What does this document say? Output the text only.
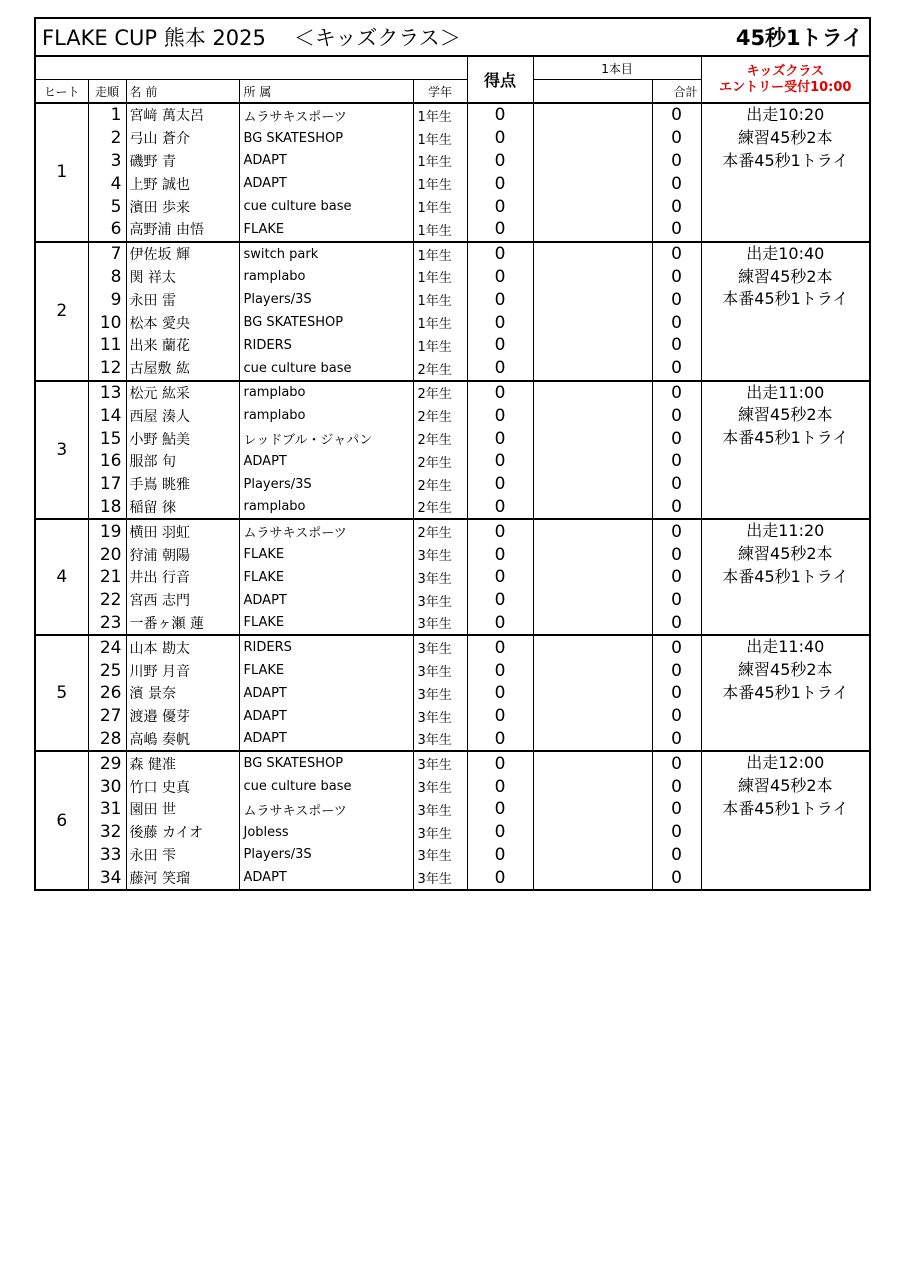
FLAKE CUP 熊本 2025 ＜キッズクラス＞								45秒1トライ
					得点	1本目		キッズクラス
エントリー受付10:00

ヒート	走順	名 前	所 属	学年			合計	
1	1	宮﨑 萬太呂	ムラサキスポーツ	1年生	0		0	出走10:20
	2	弓山 蒼介	BG SKATESHOP	1年生	0		0	練習45秒2本
	3	磯野 青	ADAPT	1年生	0		0	本番45秒1トライ
	4	上野 誠也	ADAPT	1年生	0		0	
	5	濱田 歩来	cue culture base	1年生	0		0	
	6	高野浦 由悟	FLAKE	1年生	0		0	
2	7	伊佐坂 輝	switch park	1年生	0		0	出走10:40
	8	関 祥太	ramplabo	1年生	0		0	練習45秒2本
	9	永田 雷	Players/3S	1年生	0		0	本番45秒1トライ
	10	松本 愛央	BG SKATESHOP	1年生	0		0	
	11	出来 蘭花	RIDERS	1年生	0		0	
	12	古屋敷 紘	cue culture base	2年生	0		0	
3	13	松元 紘采	ramplabo	2年生	0		0	出走11:00
	14	西屋 湊人	ramplabo	2年生	0		0	練習45秒2本
	15	小野 鮎美	レッドブル・ジャパン	2年生	0		0	本番45秒1トライ
	16	服部 旬	ADAPT	2年生	0		0	
	17	手嶌 眺雅	Players/3S	2年生	0		0	
	18	稲留 徠	ramplabo	2年生	0		0	
4	19	横田 羽虹	ムラサキスポーツ	2年生	0		0	出走11:20
	20	狩浦 朝陽	FLAKE	3年生	0		0	練習45秒2本
	21	井出 行音	FLAKE	3年生	0		0	本番45秒1トライ
	22	宮西 志門	ADAPT	3年生	0		0	
	23	一番ヶ瀬 蓮	FLAKE	3年生	0		0	
5	24	山本 勘太	RIDERS	3年生	0		0	出走11:40
	25	川野 月音	FLAKE	3年生	0		0	練習45秒2本
	26	濱 景奈	ADAPT	3年生	0		0	本番45秒1トライ
	27	渡邉 優芽	ADAPT	3年生	0		0	
	28	高嶋 奏帆	ADAPT	3年生	0		0	
6	29	森 健准	BG SKATESHOP	3年生	0		0	出走12:00
	30	竹口 史真	cue culture base	3年生	0		0	練習45秒2本
	31	園田 世	ムラサキスポーツ	3年生	0		0	本番45秒1トライ
	32	後藤 カイオ	Jobless	3年生	0		0	
	33	永田 雫	Players/3S	3年生	0		0	
	34	藤河 笑瑠	ADAPT	3年生	0		0	
